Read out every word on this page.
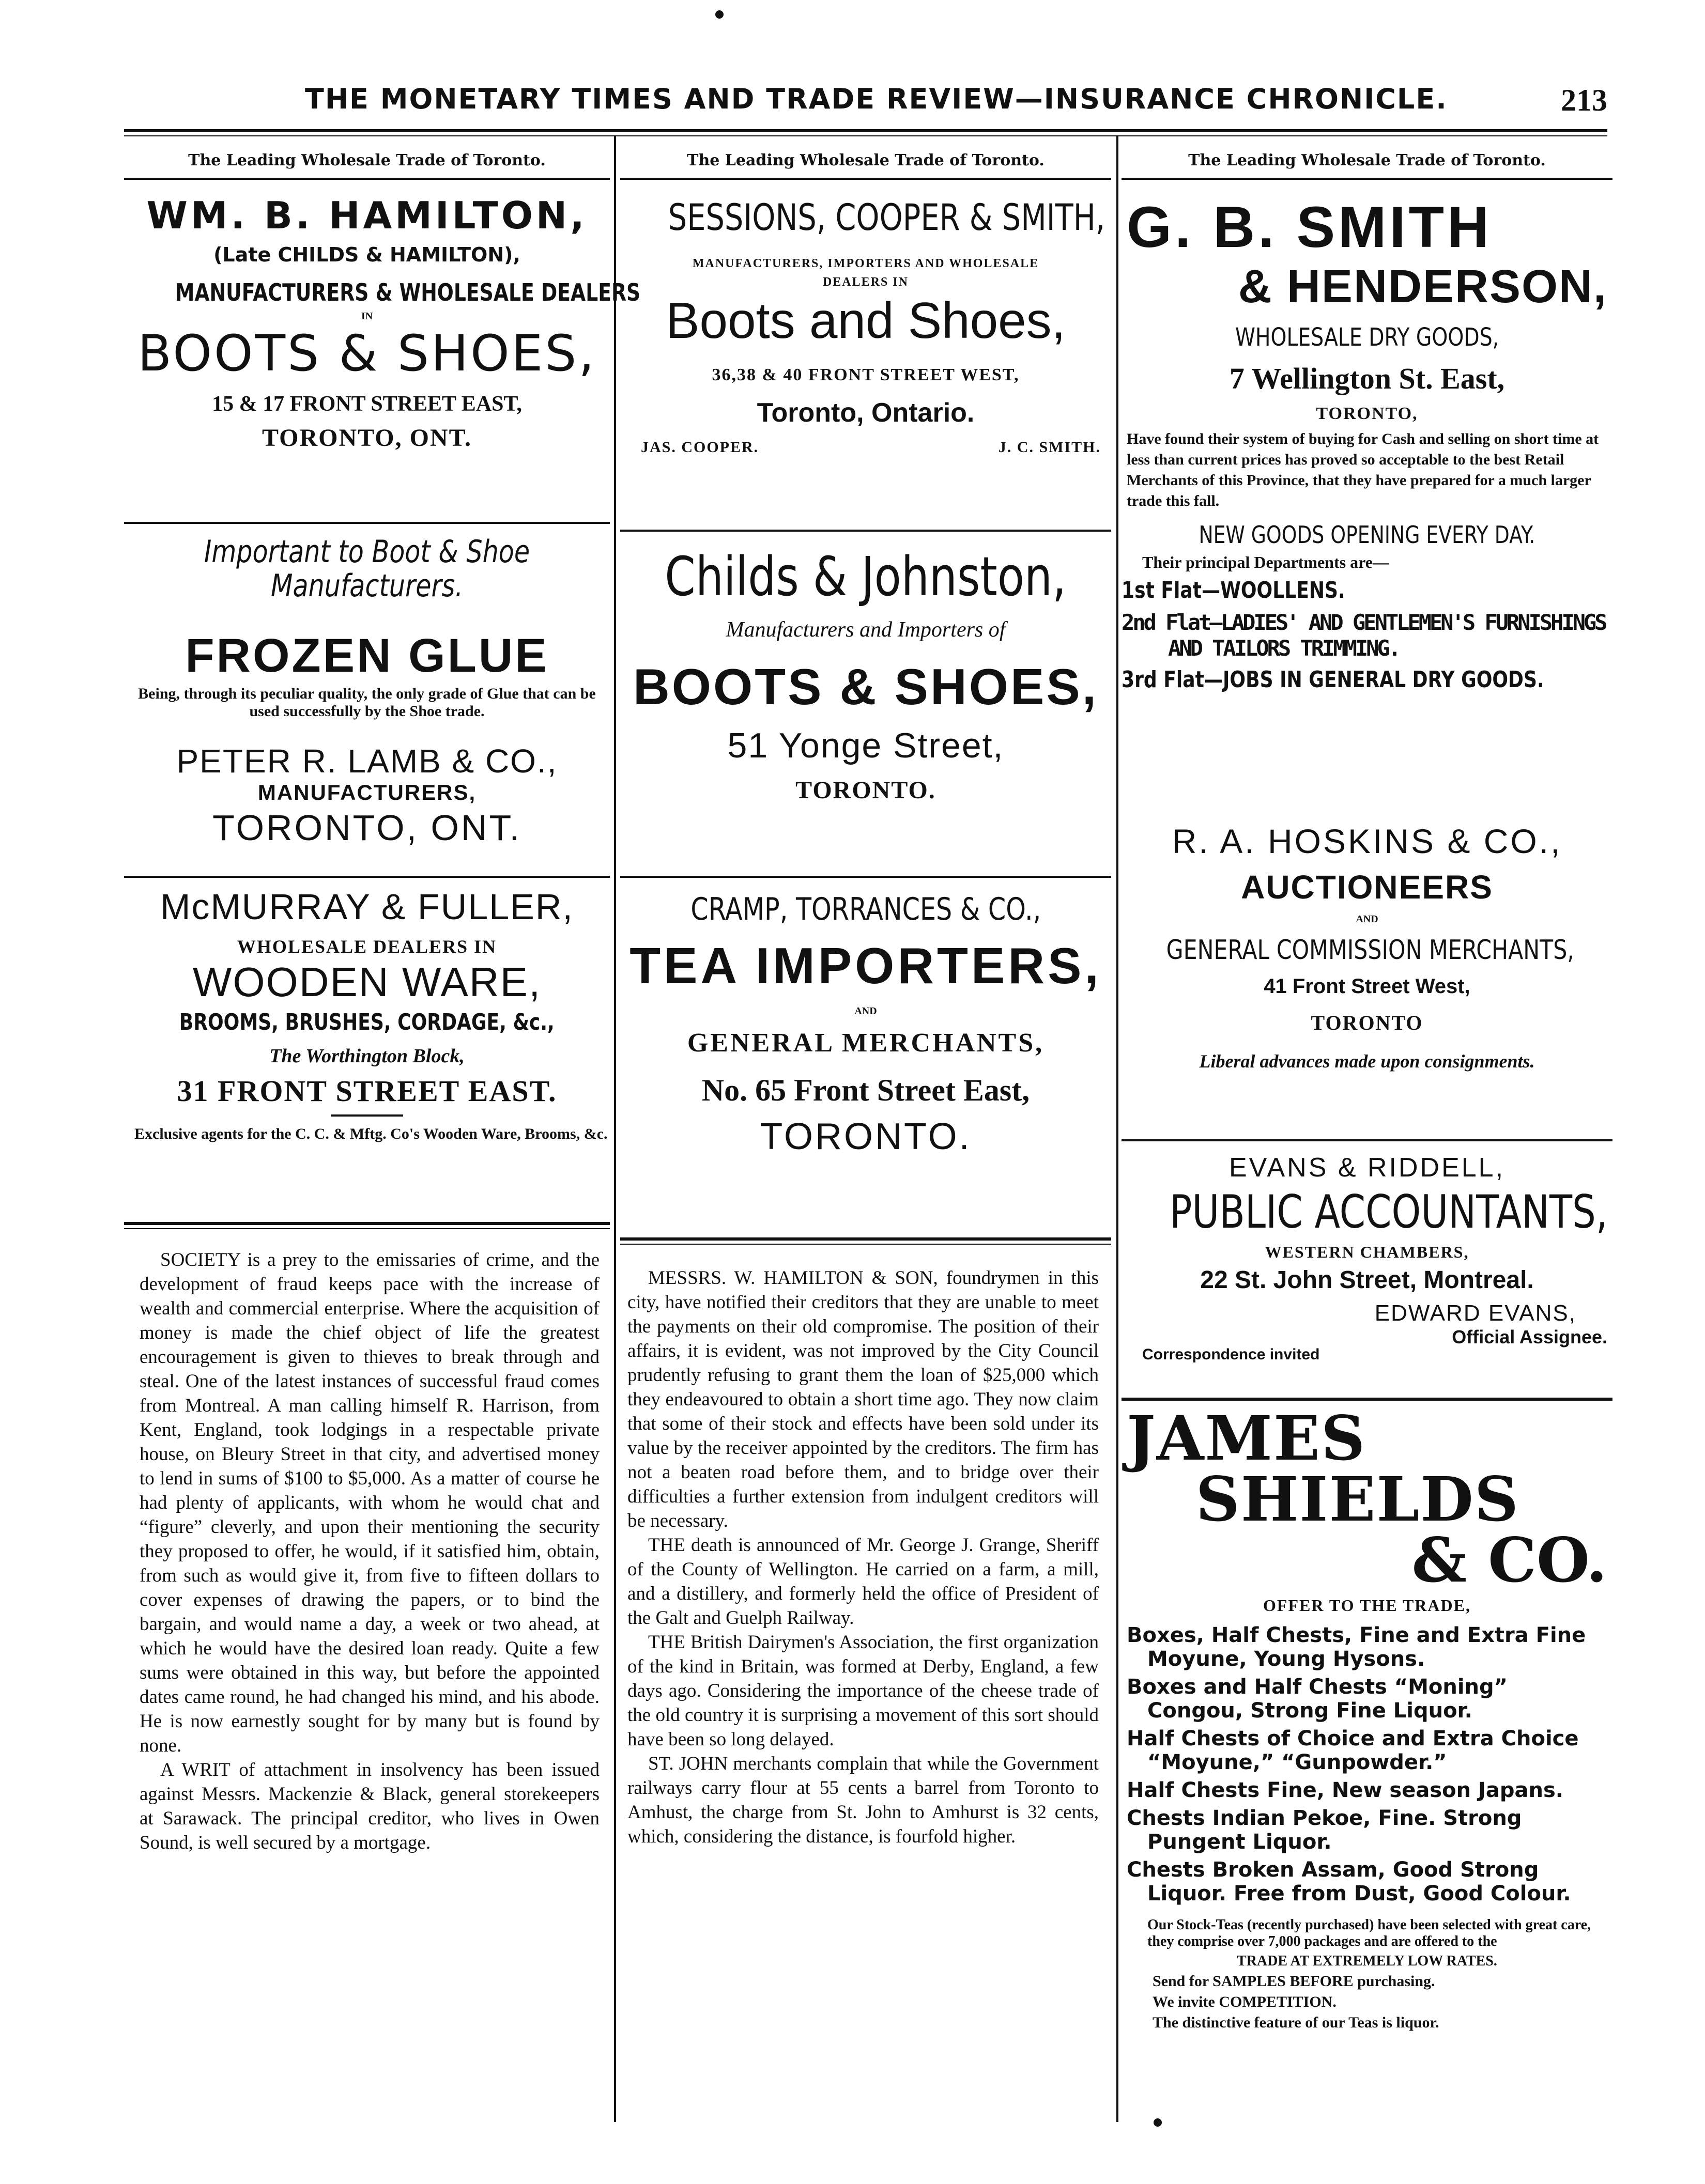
THE MONETARY TIMES AND TRADE REVIEW—INSURANCE CHRONICLE.	213
The Leading Wholesale Trade of Toronto.
WM. B. HAMILTON,
(Late CHILDS & HAMILTON),
MANUFACTURERS & WHOLESALE DEALERS
IN
BOOTS & SHOES,
15 & 17 FRONT STREET EAST,
TORONTO, ONT.
Important to Boot & Shoe Manufacturers.
FROZEN GLUE
Being, through its peculiar quality, the only grade of Glue that can be used successfully by the Shoe trade.
PETER R. LAMB & CO.,
MANUFACTURERS,
TORONTO, ONT.
McMURRAY & FULLER,
WHOLESALE DEALERS IN
WOODEN WARE,
BROOMS, BRUSHES, CORDAGE, &c.,
The Worthington Block,
31 FRONT STREET EAST.
Exclusive agents for the C. C. & Mftg. Co's Wooden Ware, Brooms, &c.

SOCIETY is a prey to the emissaries of crime, and the development of fraud keeps pace with the increase of wealth and commercial enterprise. Where the acquisition of money is made the chief object of life the greatest encouragement is given to thieves to break through and steal. One of the latest instances of successful fraud comes from Montreal. A man calling himself R. Harrison, from Kent, England, took lodgings in a respectable private house, on Bleury Street in that city, and advertised money to lend in sums of $100 to $5,000. As a matter of course he had plenty of applicants, with whom he would chat and “figure” cleverly, and upon their mentioning the security they proposed to offer, he would, if it satisfied him, obtain, from such as would give it, from five to fifteen dollars to cover expenses of drawing the papers, or to bind the bargain, and would name a day, a week or two ahead, at which he would have the desired loan ready. Quite a few sums were obtained in this way, but before the appointed dates came round, he had changed his mind, and his abode. He is now earnestly sought for by many but is found by none.

A WRIT of attachment in insolvency has been issued against Messrs. Mackenzie & Black, general storekeepers at Sarawack. The principal creditor, who lives in Owen Sound, is well secured by a mortgage.

The Leading Wholesale Trade of Toronto.
SESSIONS, COOPER & SMITH,
MANUFACTURERS, IMPORTERS AND WHOLESALE DEALERS IN
Boots and Shoes,
36,38 & 40 FRONT STREET WEST,
Toronto, Ontario.
JAS. COOPER.	J. C. SMITH.
Childs & Johnston,
Manufacturers and Importers of
BOOTS & SHOES,
51 Yonge Street,
TORONTO.
CRAMP, TORRANCES & CO.,
TEA IMPORTERS,
AND
GENERAL MERCHANTS,
No. 65 Front Street East,
TORONTO.

MESSRS. W. HAMILTON & SON, foundrymen in this city, have notified their creditors that they are unable to meet the payments on their old compromise. The position of their affairs, it is evident, was not improved by the City Council prudently refusing to grant them the loan of $25,000 which they endeavoured to obtain a short time ago. They now claim that some of their stock and effects have been sold under its value by the receiver appointed by the creditors. The firm has not a beaten road before them, and to bridge over their difficulties a further extension from indulgent creditors will be necessary.

THE death is announced of Mr. George J. Grange, Sheriff of the County of Wellington. He carried on a farm, a mill, and a distillery, and formerly held the office of President of the Galt and Guelph Railway.

THE British Dairymen's Association, the first organization of the kind in Britain, was formed at Derby, England, a few days ago. Considering the importance of the cheese trade of the old country it is surprising a movement of this sort should have been so long delayed.

ST. JOHN merchants complain that while the Government railways carry flour at 55 cents a barrel from Toronto to Amhust, the charge from St. John to Amhurst is 32 cents, which, considering the distance, is fourfold higher.

The Leading Wholesale Trade of Toronto.
G. B. SMITH
& HENDERSON,
WHOLESALE DRY GOODS,
7 Wellington St. East,
TORONTO,
Have found their system of buying for Cash and selling on short time at less than current prices has proved so acceptable to the best Retail Merchants of this Province, that they have prepared for a much larger trade this fall.
NEW GOODS OPENING EVERY DAY.
Their principal Departments are—
1st Flat—WOOLLENS.
2nd Flat—LADIES' AND GENTLEMEN'S FURNISHINGS AND TAILORS TRIMMING.
3rd Flat—JOBS IN GENERAL DRY GOODS.
R. A. HOSKINS & CO.,
AUCTIONEERS
AND
GENERAL COMMISSION MERCHANTS,
41 Front Street West,
TORONTO
Liberal advances made upon consignments.
EVANS & RIDDELL,
PUBLIC ACCOUNTANTS,
WESTERN CHAMBERS,
22 St. John Street, Montreal.
EDWARD EVANS,
Official Assignee.
Correspondence invited
JAMES
SHIELDS
& CO.
OFFER TO THE TRADE,
Boxes, Half Chests, Fine and Extra Fine Moyune, Young Hysons.
Boxes and Half Chests “Moning” Congou, Strong Fine Liquor.
Half Chests of Choice and Extra Choice “Moyune,” “Gunpowder.”
Half Chests Fine, New season Japans.
Chests Indian Pekoe, Fine. Strong Pungent Liquor.
Chests Broken Assam, Good Strong Liquor. Free from Dust, Good Colour.
Our Stock-Teas (recently purchased) have been selected with great care, they comprise over 7,000 packages and are offered to the
TRADE AT EXTREMELY LOW RATES.
Send for SAMPLES BEFORE purchasing.
We invite COMPETITION.
The distinctive feature of our Teas is liquor.
